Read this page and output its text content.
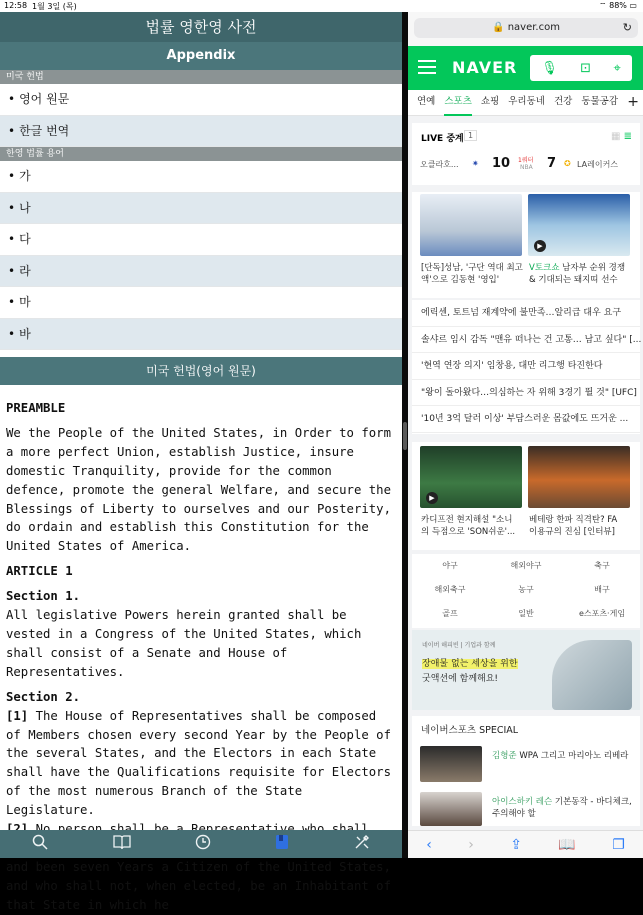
12:58 1월 3일 (목)	⌔ 88% ▭
법률 영한영 사전
Appendix
미국 헌법
• 영어 원문
• 한글 번역
한영 법률 용어
• 가
• 나
• 다
• 라
• 마
• 바
미국 헌법(영어 원문)
PREAMBLE

We the People of the United States, in Order to form a more perfect Union, establish Justice, insure domestic Tranquility, provide for the common defence, promote the general Welfare, and secure the Blessings of Liberty to ourselves and our Posterity, do ordain and establish this Constitution for the United States of America.

ARTICLE 1
Section 1.

All legislative Powers herein granted shall be vested in a Congress of the United States, which shall consist of a Senate and House of Representatives.

Section 2.

[1] The House of Representatives shall be composed of Members chosen every second Year by the People of the several States, and the Electors in each State shall have the Qualifications requisite for Electors of the most numerous Branch of the State Legislature.

and been seven Years a Citizen of the United States, and who shall not, when elected, be an Inhabitant of that State in which he

🔒 naver.com	↻
NAVER 🎙 ⊡ ⌖
연예 스포츠 쇼핑 우리동네 건강 동물공감 +
LIVE 중계 1	▦ ≣
오클라호... ✷ 10 1쿼터
NBA 7 ✪ LA레이커스
▶
[단독]성남, '구단 역대 최고
액'으로 김동현 '영입'
V토크쇼 남자부 순위 경쟁
& 기대되는 돼지띠 선수
에릭센, 토트넘 재계약에 불만족…알리급 대우 요구
솔샤르 임시 감독 "맨유 떠나는 건 고통… 남고 싶다" [...
'현역 연장 의지' 임창용, 대만 리그행 타진한다
"왕이 돌아왔다…의심하는 자 위해 3경기 뛸 것" [UFC]
'10년 3억 달러 이상' 부담스러운 몸값에도 뜨거운 ...
▶
카디프전 현지해설 "소니
의 득점으로 'SON쉬운'...
베테랑 한파 직격탄? FA
이용규의 진심 [인터뷰]
야구	해외야구	축구
해외축구	농구	배구
골프	일반	e스포츠·게임
네이버 해피빈 | 기업과 함께
장애물 없는 세상을 위한
굿액션에 함께해요!
네이버스포츠 SPECIAL
김형준 WPA 그리고 마리아노 리베라
아이스하키 레슨 기본동작 - 바디체크, 주의해야 할
‹	›	⇪	📖	❐
